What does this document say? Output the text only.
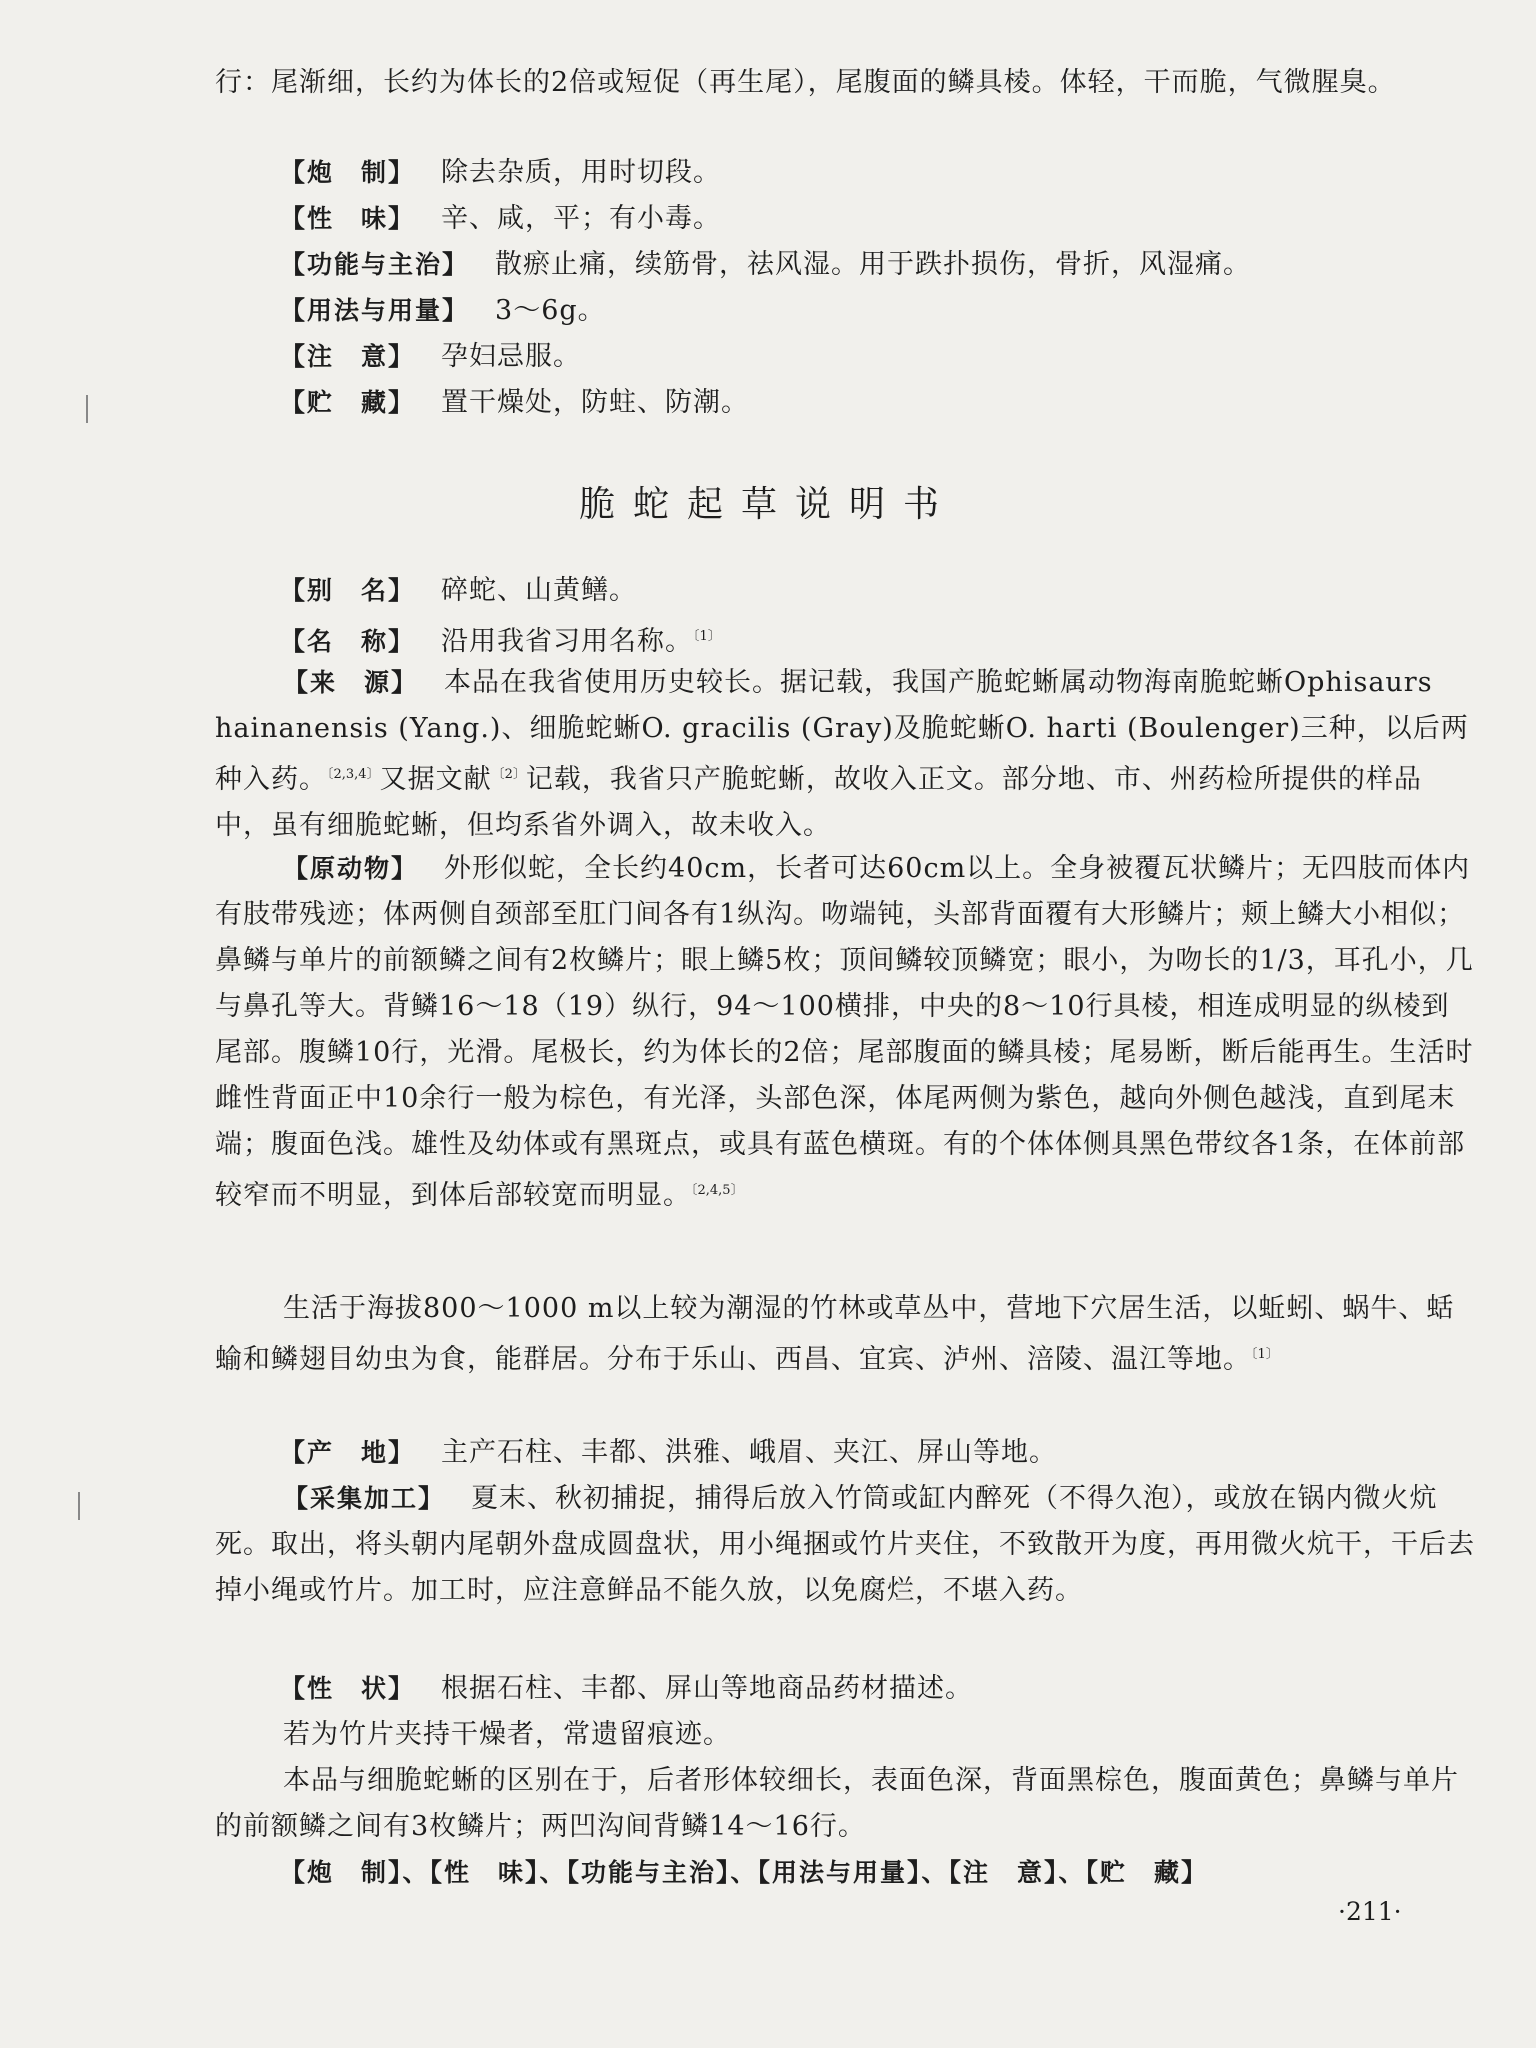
行：尾渐细，长约为体长的2倍或短促（再生尾），尾腹面的鳞具棱。体轻，干而脆，气微腥臭。

【炮　制】 除去杂质，用时切段。
【性　味】 辛、咸，平；有小毒。
【功能与主治】 散瘀止痛，续筋骨，祛风湿。用于跌扑损伤，骨折，风湿痛。
【用法与用量】 3～6g。
【注　意】 孕妇忌服。
【贮　藏】 置干燥处，防蛀、防潮。
脆蛇起草说明书
【别　名】 碎蛇、山黄鳝。
【名　称】 沿用我省习用名称。$^{〔1〕}$

【来　源】 本品在我省使用历史较长。据记载，我国产脆蛇蜥属动物海南脆蛇蜥Ophisaurs hainanensis (Yang.)、细脆蛇蜥O. gracilis (Gray)及脆蛇蜥O. harti (Boulenger)三种，以后两种入药。$^{〔2,3,4〕}$又据文献$^{〔2〕}$记载，我省只产脆蛇蜥，故收入正文。部分地、市、州药检所提供的样品中，虽有细脆蛇蜥，但均系省外调入，故未收入。

【原动物】 外形似蛇，全长约40cm，长者可达60cm以上。全身被覆瓦状鳞片；无四肢而体内有肢带残迹；体两侧自颈部至肛门间各有1纵沟。吻端钝，头部背面覆有大形鳞片；颊上鳞大小相似；鼻鳞与单片的前额鳞之间有2枚鳞片；眼上鳞5枚；顶间鳞较顶鳞宽；眼小，为吻长的1/3，耳孔小，几与鼻孔等大。背鳞16～18（19）纵行，94～100横排，中央的8～10行具棱，相连成明显的纵棱到尾部。腹鳞10行，光滑。尾极长，约为体长的2倍；尾部腹面的鳞具棱；尾易断，断后能再生。生活时雌性背面正中10余行一般为棕色，有光泽，头部色深，体尾两侧为紫色，越向外侧色越浅，直到尾末端；腹面色浅。雄性及幼体或有黑斑点，或具有蓝色横斑。有的个体体侧具黑色带纹各1条，在体前部较窄而不明显，到体后部较宽而明显。$^{〔2,4,5〕}$

生活于海拔800～1000 m以上较为潮湿的竹林或草丛中，营地下穴居生活，以蚯蚓、蜗牛、蛞蝓和鳞翅目幼虫为食，能群居。分布于乐山、西昌、宜宾、泸州、涪陵、温江等地。$^{〔1〕}$

【产　地】 主产石柱、丰都、洪雅、峨眉、夹江、屏山等地。

【采集加工】 夏末、秋初捕捉，捕得后放入竹筒或缸内醉死（不得久泡），或放在锅内微火炕死。取出，将头朝内尾朝外盘成圆盘状，用小绳捆或竹片夹住，不致散开为度，再用微火炕干，干后去掉小绳或竹片。加工时，应注意鲜品不能久放，以免腐烂，不堪入药。

【性　状】 根据石柱、丰都、屏山等地商品药材描述。

若为竹片夹持干燥者，常遗留痕迹。

本品与细脆蛇蜥的区别在于，后者形体较细长，表面色深，背面黑棕色，腹面黄色；鼻鳞与单片的前额鳞之间有3枚鳞片；两凹沟间背鳞14～16行。

【炮　制】、【性　味】、【功能与主治】、【用法与用量】、【注　意】、【贮　藏】
·211·
